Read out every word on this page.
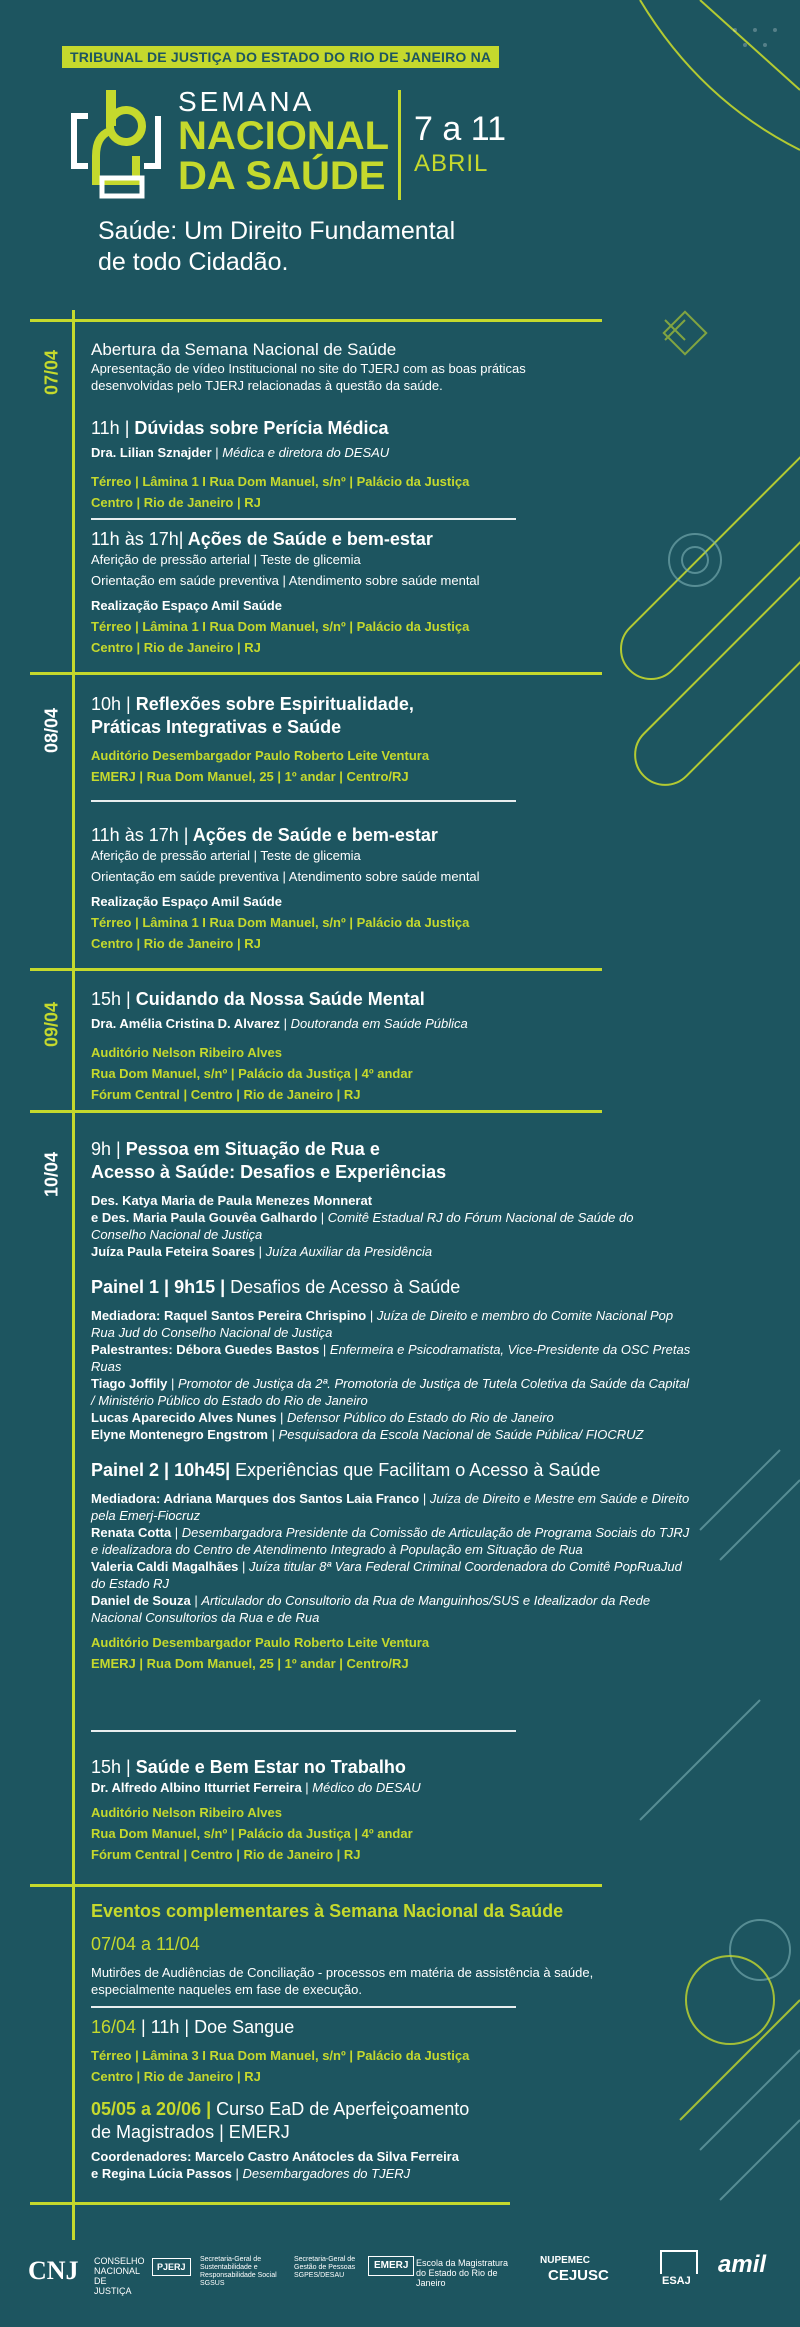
TRIBUNAL DE JUSTIÇA DO ESTADO DO RIO DE JANEIRO NA
SEMANA
NACIONAL
DA SAÚDE
7 a 11
ABRIL
Saúde: Um Direito Fundamental
de todo Cidadão.
07/04
08/04
09/04
10/04

Abertura da Semana Nacional de Saúde

Apresentação de vídeo Institucional no site do TJERJ com as boas práticas desenvolvidas pelo TJERJ relacionadas à questão da saúde.

11h | Dúvidas sobre Perícia Médica

Dra. Lilian Sznajder | Médica e diretora do DESAU

Térreo | Lâmina 1 I Rua Dom Manuel, s/nº | Palácio da Justiça

Centro | Rio de Janeiro | RJ

11h às 17h| Ações de Saúde e bem-estar

Aferição de pressão arterial | Teste de glicemia

Orientação em saúde preventiva | Atendimento sobre saúde mental

Realização Espaço Amil Saúde

Térreo | Lâmina 1 I Rua Dom Manuel, s/nº | Palácio da Justiça

Centro | Rio de Janeiro | RJ

10h | Reflexões sobre Espiritualidade,

Práticas Integrativas e Saúde

Auditório Desembargador Paulo Roberto Leite Ventura

EMERJ | Rua Dom Manuel, 25 | 1º andar | Centro/RJ

11h às 17h | Ações de Saúde e bem-estar

Aferição de pressão arterial | Teste de glicemia

Orientação em saúde preventiva | Atendimento sobre saúde mental

Realização Espaço Amil Saúde

Térreo | Lâmina 1 I Rua Dom Manuel, s/nº | Palácio da Justiça

Centro | Rio de Janeiro | RJ

15h | Cuidando da Nossa Saúde Mental

Dra. Amélia Cristina D. Alvarez | Doutoranda em Saúde Pública

Auditório Nelson Ribeiro Alves

Rua Dom Manuel, s/nº | Palácio da Justiça | 4º andar

Fórum Central | Centro | Rio de Janeiro | RJ

9h | Pessoa em Situação de Rua e

Acesso à Saúde: Desafios e Experiências

Des. Katya Maria de Paula Menezes Monnerat

e Des. Maria Paula Gouvêa Galhardo | Comitê Estadual RJ do Fórum Nacional de Saúde do Conselho Nacional de Justiça

Juíza Paula Feteira Soares | Juíza Auxiliar da Presidência

Painel 1 | 9h15 | Desafios de Acesso à Saúde

Mediadora: Raquel Santos Pereira Chrispino | Juíza de Direito e membro do Comite Nacional Pop Rua Jud do Conselho Nacional de Justiça

Palestrantes: Débora Guedes Bastos | Enfermeira e Psicodramatista, Vice-Presidente da OSC Pretas Ruas

Tiago Joffily | Promotor de Justiça da 2ª. Promotoria de Justiça de Tutela Coletiva da Saúde da Capital / Ministério Público do Estado do Rio de Janeiro

Lucas Aparecido Alves Nunes | Defensor Público do Estado do Rio de Janeiro

Elyne Montenegro Engstrom | Pesquisadora da Escola Nacional de Saúde Pública/ FIOCRUZ

Painel 2 | 10h45| Experiências que Facilitam o Acesso à Saúde

Mediadora: Adriana Marques dos Santos Laia Franco | Juíza de Direito e Mestre em Saúde e Direito pela Emerj-Fiocruz

Renata Cotta | Desembargadora Presidente da Comissão de Articulação de Programa Sociais do TJRJ e idealizadora do Centro de Atendimento Integrado à População em Situação de Rua

Valeria Caldi Magalhães | Juíza titular 8ª Vara Federal Criminal Coordenadora do Comitê PopRuaJud do Estado RJ

Daniel de Souza | Articulador do Consultorio da Rua de Manguinhos/SUS e Idealizador da Rede Nacional Consultorios da Rua e de Rua

Auditório Desembargador Paulo Roberto Leite Ventura

EMERJ | Rua Dom Manuel, 25 | 1º andar | Centro/RJ

15h | Saúde e Bem Estar no Trabalho

Dr. Alfredo Albino Itturriet Ferreira | Médico do DESAU

Auditório Nelson Ribeiro Alves

Rua Dom Manuel, s/nº | Palácio da Justiça | 4º andar

Fórum Central | Centro | Rio de Janeiro | RJ

Eventos complementares à Semana Nacional da Saúde

07/04 a 11/04

Mutirões de Audiências de Conciliação - processos em matéria de assistência à saúde, especialmente naqueles em fase de execução.

16/04 | 11h | Doe Sangue

Térreo | Lâmina 3 I Rua Dom Manuel, s/nº | Palácio da Justiça

Centro | Rio de Janeiro | RJ

05/05 a 20/06 | Curso EaD de Aperfeiçoamento

de Magistrados | EMERJ

Coordenadores: Marcelo Castro Anátocles da Silva Ferreira

e Regina Lúcia Passos | Desembargadores do TJERJ

CNJ CONSELHO NACIONAL DE JUSTIÇA
PJERJ
Secretaria-Geral de Sustentabilidade e Responsabilidade Social SGSUS
Secretaria-Geral de Gestão de Pessoas SGPES/DESAU
EMERJ Escola da Magistratura do Estado do Rio de Janeiro
NUPEMEC
CEJUSC	ESAJ
amil
